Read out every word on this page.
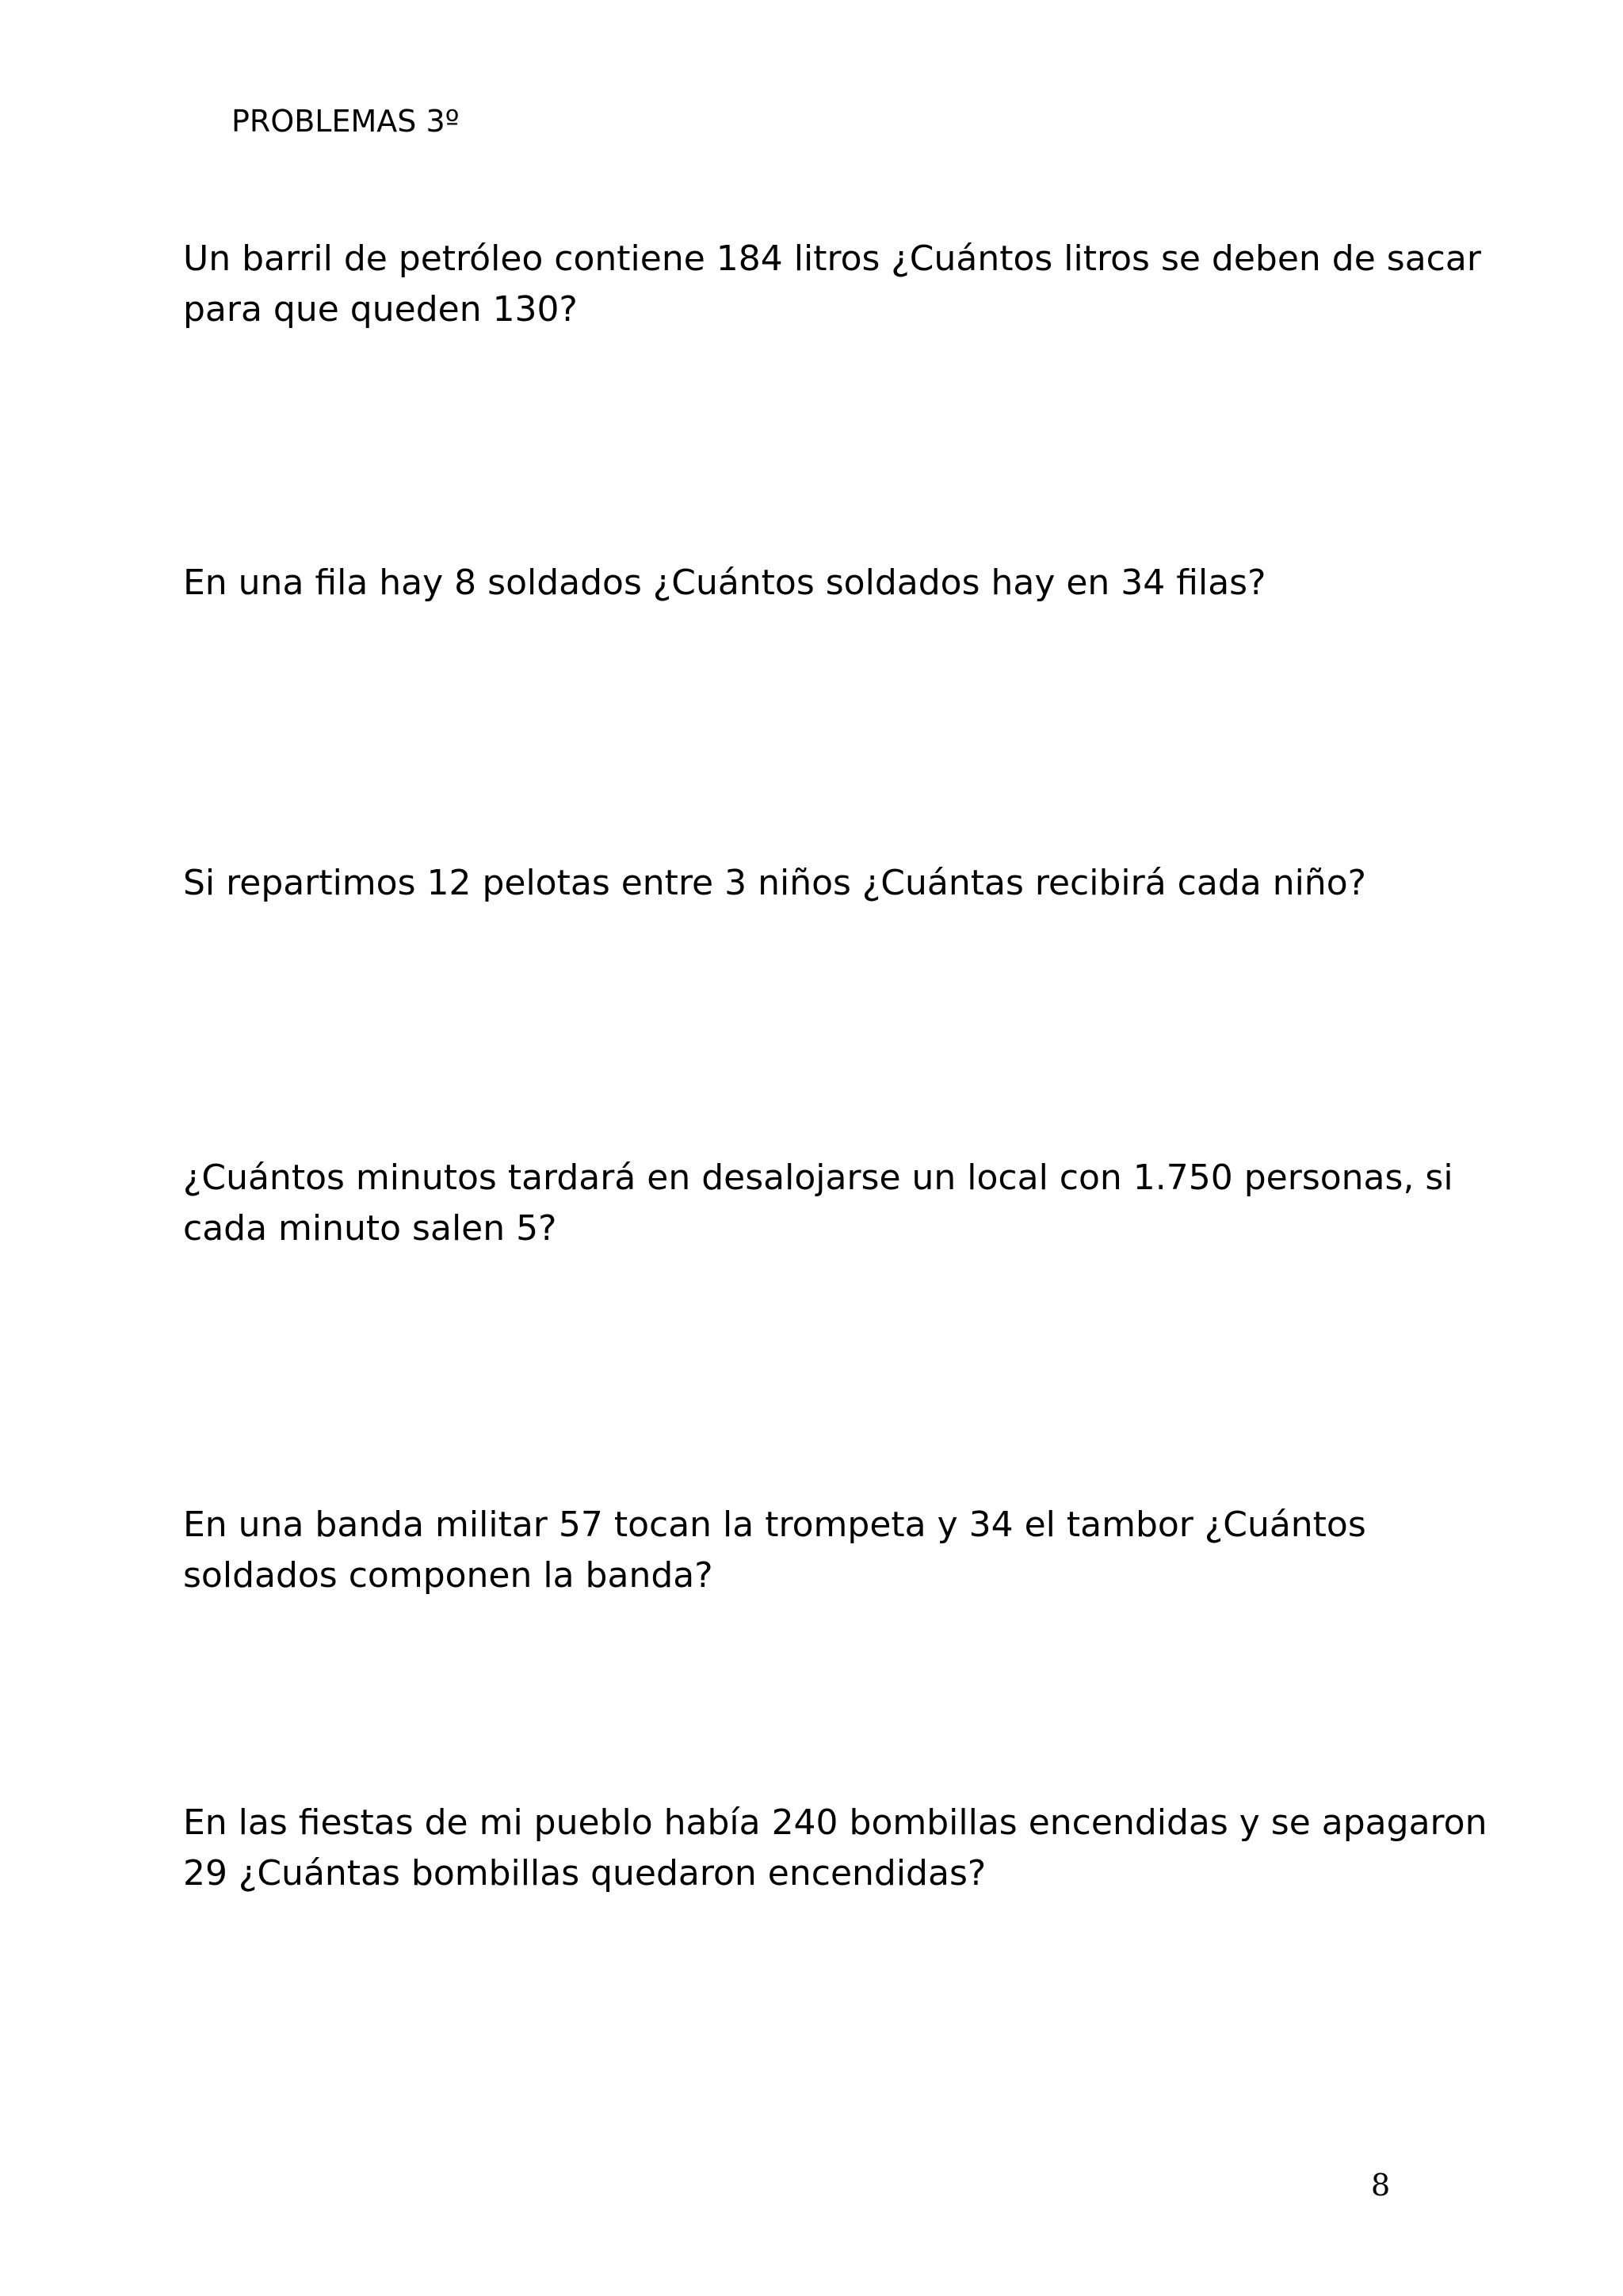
PROBLEMAS 3º
Un barril de petróleo contiene 184 litros ¿Cuántos litros se deben de sacar para que queden 130?
En una fila hay 8 soldados ¿Cuántos soldados hay en 34 filas?
Si repartimos 12 pelotas entre 3 niños ¿Cuántas recibirá cada niño?
¿Cuántos minutos tardará en desalojarse un local con 1.750 personas, si cada minuto salen 5?
En una banda militar 57 tocan la trompeta y 34 el tambor ¿Cuántos soldados componen la banda?
En las fiestas de mi pueblo había 240 bombillas encendidas y se apagaron 29 ¿Cuántas bombillas quedaron encendidas?
8
